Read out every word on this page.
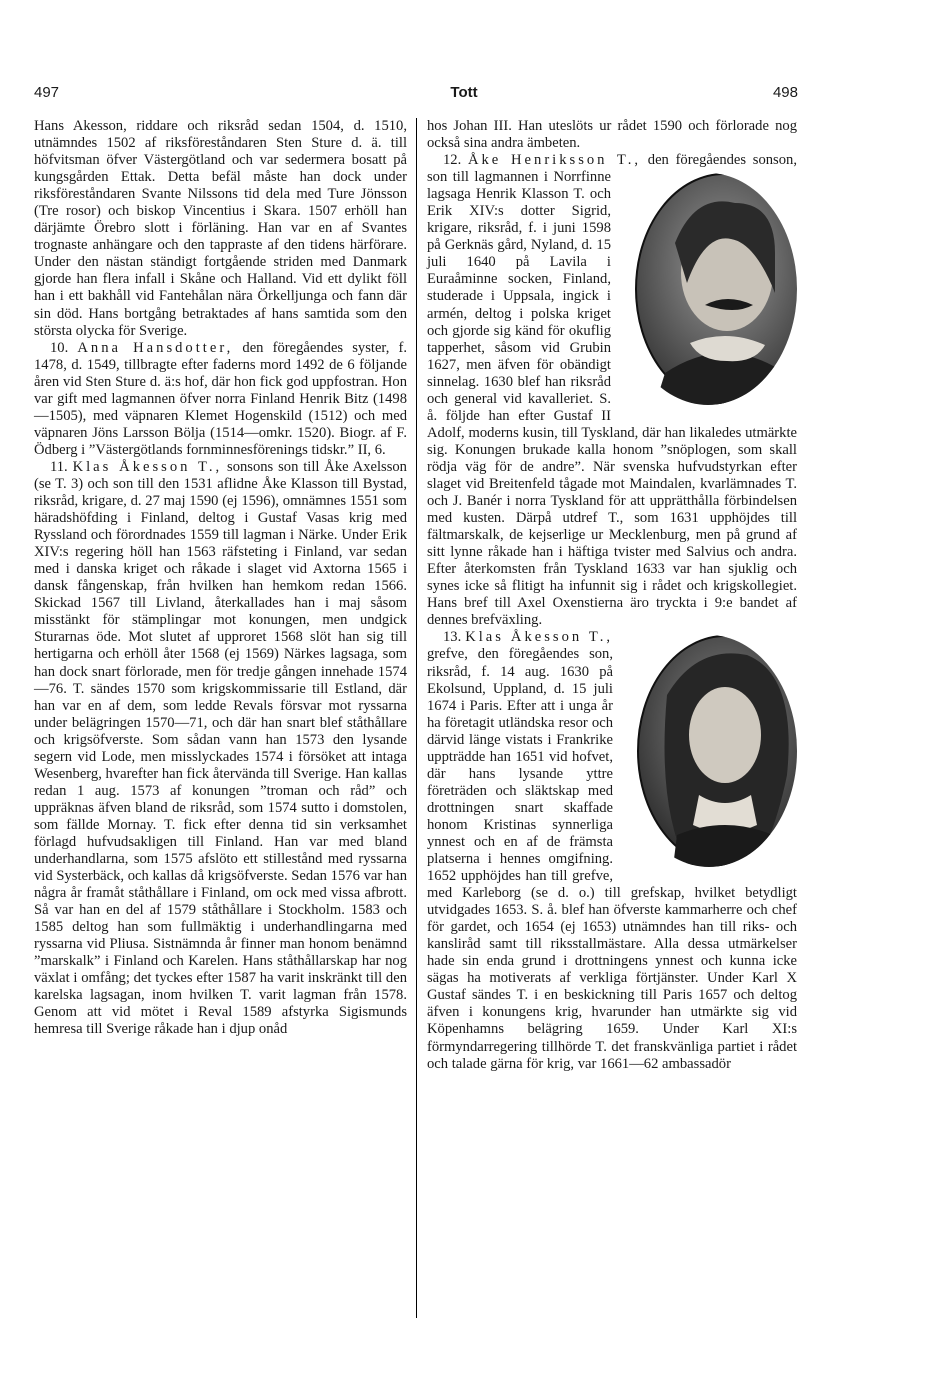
497	Tott	498

Hans Akesson, riddare och riksråd sedan 1504, d. 1510, utnämndes 1502 af riksföreståndaren Sten Sture d. ä. till höfvitsman öfver Västergötland och var sedermera bosatt på kungsgården Ettak. Detta befäl måste han dock under riksföreståndaren Svante Nilssons tid dela med Ture Jönsson (Tre rosor) och biskop Vincentius i Skara. 1507 erhöll han därjämte Örebro slott i förläning. Han var en af Svantes trognaste anhängare och den tappraste af den tidens härförare. Under den nästan ständigt fortgående striden med Danmark gjorde han flera infall i Skåne och Halland. Vid ett dylikt föll han i ett bakhåll vid Fantehålan nära Örkelljunga och fann där sin död. Hans bortgång betraktades af hans samtida som den största olycka för Sverige.

10. Anna Hansdotter, den föregåendes syster, f. 1478, d. 1549, tillbragte efter faderns mord 1492 de 6 följande åren vid Sten Sture d. ä:s hof, där hon fick god uppfostran. Hon var gift med lagmannen öfver norra Finland Henrik Bitz (1498—1505), med väpnaren Klemet Hogenskild (1512) och med väpnaren Jöns Larsson Bölja (1514—omkr. 1520). Biogr. af F. Ödberg i ”Västergötlands fornminnesförenings tidskr.” II, 6.

11. Klas Åkesson T., sonsons son till Åke Axelsson (se T. 3) och son till den 1531 aflidne Åke Klasson till Bystad, riksråd, krigare, d. 27 maj 1590 (ej 1596), omnämnes 1551 som häradshöfding i Finland, deltog i Gustaf Vasas krig med Ryssland och förordnades 1559 till lagman i Närke. Under Erik XIV:s regering höll han 1563 räfsteting i Finland, var sedan med i danska kriget och råkade i slaget vid Axtorna 1565 i dansk fångenskap, från hvilken han hemkom redan 1566. Skickad 1567 till Livland, återkallades han i maj såsom misstänkt för stämplingar mot konungen, men undgick Sturarnas öde. Mot slutet af upproret 1568 slöt han sig till hertigarna och erhöll åter 1568 (ej 1569) Närkes lagsaga, som han dock snart förlorade, men för tredje gången innehade 1574—76. T. sändes 1570 som krigskommissarie till Estland, där han var en af dem, som ledde Revals försvar mot ryssarna under belägringen 1570—71, och där han snart blef ståthållare och krigsöfverste. Som sådan vann han 1573 den lysande segern vid Lode, men misslyckades 1574 i försöket att intaga Wesenberg, hvarefter han fick återvända till Sverige. Han kallas redan 1 aug. 1573 af konungen ”troman och råd” och uppräknas äfven bland de riksråd, som 1574 sutto i domstolen, som fällde Mornay. T. fick efter denna tid sin verksamhet förlagd hufvudsakligen till Finland. Han var med bland underhandlarna, som 1575 afslöto ett stillestånd med ryssarna vid Systerbäck, och kallas då krigsöfverste. Sedan 1576 var han några år framåt ståthållare i Finland, om ock med vissa afbrott. Så var han en del af 1579 ståthållare i Stockholm. 1583 och 1585 deltog han som fullmäktig i underhandlingarna med ryssarna vid Pliusa. Sistnämnda år finner man honom benämnd ”marskalk” i Finland och Karelen. Hans ståthållarskap har nog växlat i omfång; det tyckes efter 1587 ha varit inskränkt till den karelska lagsagan, inom hvilken T. varit lagman från 1578. Genom att vid mötet i Reval 1589 afstyrka Sigismunds hemresa till Sverige råkade han i djup onåd

hos Johan III. Han uteslöts ur rådet 1590 och förlorade nog också sina andra ämbeten.

12. Åke Henriksson T.,
den föregåendes sonson, son till lagmannen i Norrfinne lagsaga Henrik Klasson T. och Erik XIV:s dotter Sigrid, krigare, riksråd, f. i juni 1598 på Gerknäs gård, Nyland, d. 15 juli 1640 på Lavila i Euraåminne socken, Finland, studerade i Uppsala, ingick i armén, deltog i polska kriget och gjorde sig känd för okuflig tapperhet, såsom vid Grubin 1627, men äfven för obändigt sinnelag. 1630 blef han riksråd och general vid kavalleriet. S. å. följde han efter Gustaf II Adolf, moderns kusin, till Tyskland, där han likaledes utmärkte sig. Konungen brukade kalla honom ”snöplogen, som skall rödja väg för de andre”. När svenska hufvudstyrkan efter slaget vid Breitenfeld tågade mot Maindalen, kvarlämnades T. och J. Banér i norra Tyskland för att upprätthålla förbindelsen med kusten. Därpå utdref T., som 1631 upphöjdes till fältmarskalk, de kejserlige ur Mecklenburg, men på grund af sitt lynne råkade han i häftiga tvister med Salvius och andra. Efter återkomsten från Tyskland 1633 var han sjuklig och synes icke så flitigt ha infunnit sig i rådet och krigskollegiet. Hans bref till Axel Oxenstierna äro tryckta i 9:e bandet af dennes brefväxling.

13. Klas Åkesson T.,
grefve, den föregåendes son, riksråd, f. 14 aug. 1630 på Ekolsund, Uppland, d. 15 juli 1674 i Paris. Efter att i unga år ha företagit utländska resor och därvid länge vistats i Frankrike uppträdde han 1651 vid hofvet, där hans lysande yttre företräden och släktskap med drottningen snart skaffade honom Kristinas synnerliga ynnest och en af de främsta platserna i hennes omgifning. 1652 upphöjdes han till grefve, med Karleborg (se d. o.) till grefskap, hvilket betydligt utvidgades 1653. S. å. blef han öfverste kammarherre och chef för gardet, och 1654 (ej 1653) utnämndes han till riks- och kansliråd samt till riksstallmästare. Alla dessa utmärkelser hade sin enda grund i drottningens ynnest och kunna icke sägas ha motiverats af verkliga förtjänster. Under Karl X Gustaf sändes T. i en beskickning till Paris 1657 och deltog äfven i konungens krig, hvarunder han utmärkte sig vid Köpenhamns belägring 1659. Under Karl XI:s förmyndarregering tillhörde T. det franskvänliga partiet i rådet och talade gärna för krig, var 1661—62 ambassadör
